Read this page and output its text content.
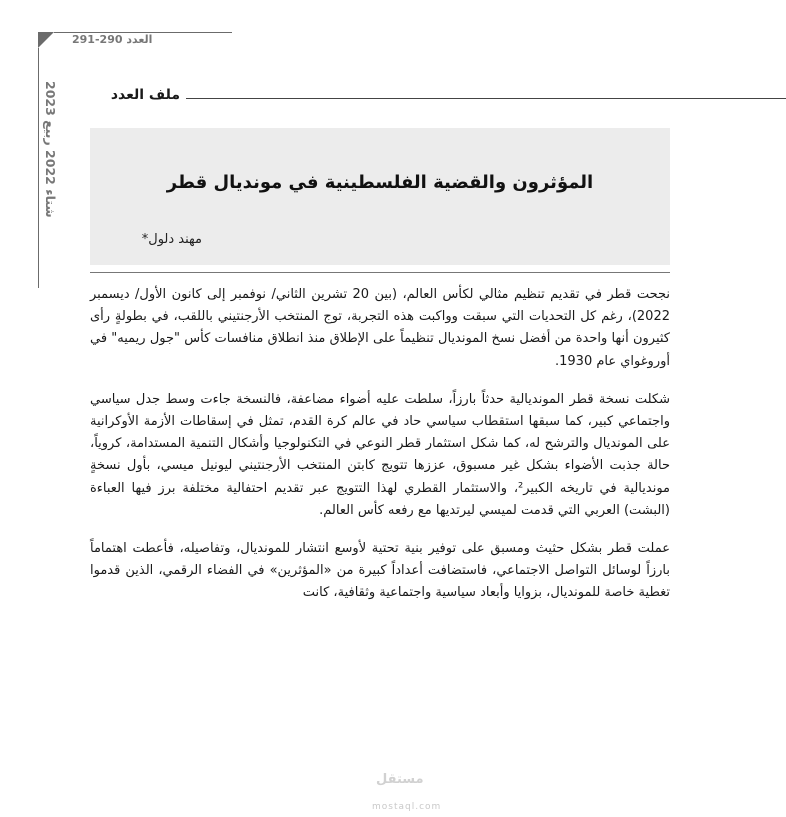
العدد 290-291
شتاء 2022 ربيع 2023
ملف العدد
المؤثرون والقضية الفلسطينية في مونديال قطر
مهند دلول*

نجحت قطر في تقديم تنظيم مثالي لكأس العالم، (بين 20 تشرين الثاني/ نوفمبر إلى كانون الأول/ ديسمبر 2022)، رغم كل التحديات التي سبقت وواكبت هذه التجربة، توج المنتخب الأرجنتيني باللقب، في بطولةٍ رأى كثيرون أنها واحدة من أفضل نسخ المونديال تنظيماً على الإطلاق منذ انطلاق منافسات كأس "جول ريميه" في أوروغواي عام 1930.

شكلت نسخة قطر المونديالية حدثاً بارزاً، سلطت عليه أضواء مضاعفة، فالنسخة جاءت وسط جدل سياسي واجتماعي كبير، كما سبقها استقطاب سياسي حاد في عالم كرة القدم، تمثل في إسقاطات الأزمة الأوكرانية على المونديال والترشح له، كما شكل استثمار قطر النوعي في التكنولوجيا وأشكال التنمية المستدامة، كروياً، حالة جذبت الأضواء بشكل غير مسبوق، عززها تتويج كابتن المنتخب الأرجنتيني ليونيل ميسي، بأول نسخةٍ مونديالية في تاريخه الكبير²، والاستثمار القطري لهذا التتويج عبر تقديم احتفالية مختلفة برز فيها العباءة (البشت) العربي التي قدمت لميسي ليرتديها مع رفعه كأس العالم.

عملت قطر بشكل حثيث ومسبق على توفير بنية تحتية لأوسع انتشار للمونديال، وتفاصيله، فأعطت اهتماماً بارزاً لوسائل التواصل الاجتماعي، فاستضافت أعداداً كبيرة من «المؤثرين» في الفضاء الرقمي، الذين قدموا تغطية خاصة للمونديال، بزوايا وأبعاد سياسية واجتماعية وثقافية، كانت

مستقل
mostaql.com
